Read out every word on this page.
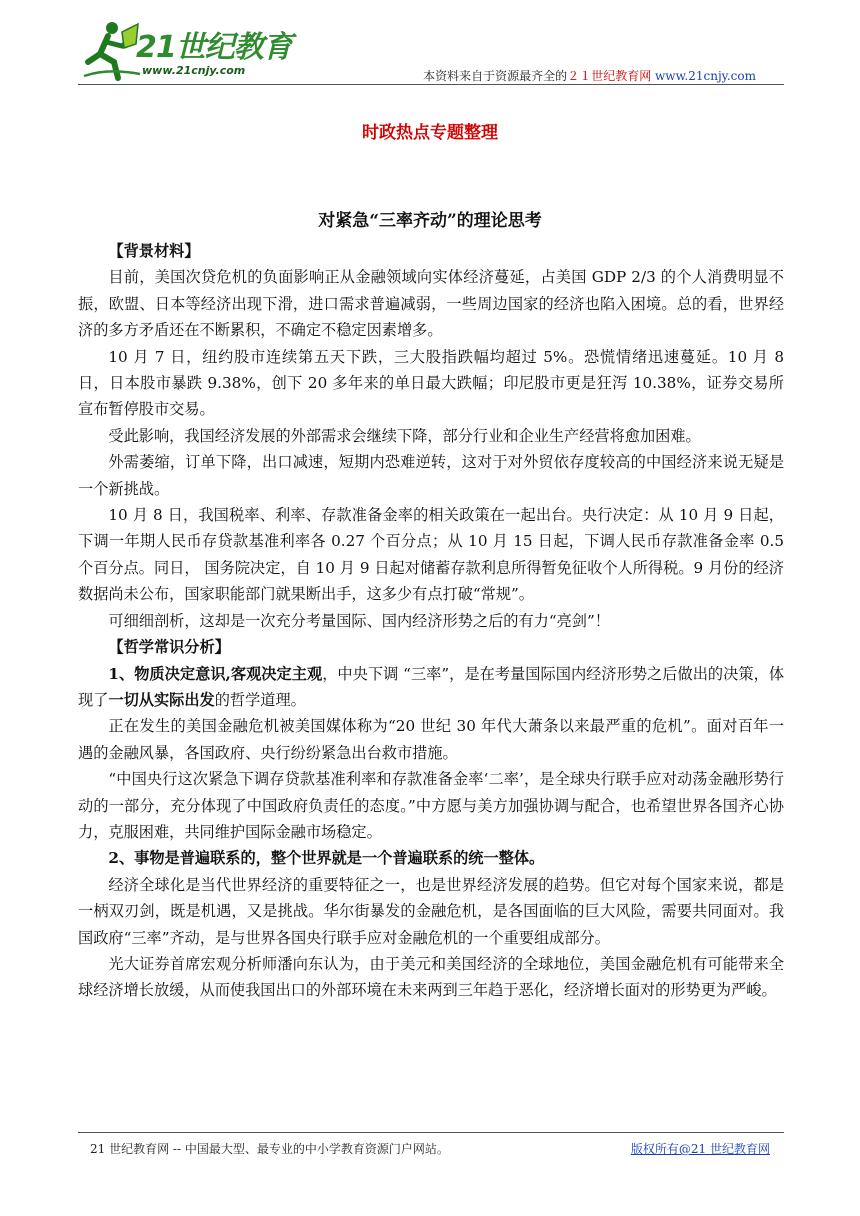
21世纪教育
www.21cnjy.com	本资料来自于资源最齐全的２１世纪教育网 www.21cnjy.com
时政热点专题整理
对紧急“三率齐动”的理论思考
【背景材料】

目前，美国次贷危机的负面影响正从金融领域向实体经济蔓延，占美国 GDP 2/3 的个人消费明显不振，欧盟、日本等经济出现下滑，进口需求普遍减弱，一些周边国家的经济也陷入困境。总的看，世界经济的多方矛盾还在不断累积，不确定不稳定因素增多。

10 月 7 日，纽约股市连续第五天下跌，三大股指跌幅均超过 5%。恐慌情绪迅速蔓延。10 月 8 日，日本股市暴跌 9.38%，创下 20 多年来的单日最大跌幅；印尼股市更是狂泻 10.38%，证券交易所宣布暂停股市交易。

受此影响，我国经济发展的外部需求会继续下降，部分行业和企业生产经营将愈加困难。

外需萎缩，订单下降，出口减速，短期内恐难逆转，这对于对外贸依存度较高的中国经济来说无疑是一个新挑战。

10 月 8 日，我国税率、利率、存款准备金率的相关政策在一起出台。央行决定：从 10 月 9 日起，下调一年期人民币存贷款基准利率各 0.27 个百分点；从 10 月 15 日起，下调人民币存款准备金率 0.5 个百分点。同日， 国务院决定，自 10 月 9 日起对储蓄存款利息所得暂免征收个人所得税。9 月份的经济数据尚未公布，国家职能部门就果断出手，这多少有点打破“常规”。

可细细剖析，这却是一次充分考量国际、国内经济形势之后的有力“亮剑”！

【哲学常识分析】

1、物质决定意识,客观决定主观，中央下调 “三率”，是在考量国际国内经济形势之后做出的决策，体现了一切从实际出发的哲学道理。

正在发生的美国金融危机被美国媒体称为“20 世纪 30 年代大萧条以来最严重的危机”。面对百年一遇的金融风暴，各国政府、央行纷纷紧急出台救市措施。

“中国央行这次紧急下调存贷款基准利率和存款准备金率‘二率’，是全球央行联手应对动荡金融形势行动的一部分，充分体现了中国政府负责任的态度。”中方愿与美方加强协调与配合，也希望世界各国齐心协力，克服困难，共同维护国际金融市场稳定。

2、事物是普遍联系的，整个世界就是一个普遍联系的统一整体。

经济全球化是当代世界经济的重要特征之一，也是世界经济发展的趋势。但它对每个国家来说，都是一柄双刃剑，既是机遇，又是挑战。华尔街暴发的金融危机，是各国面临的巨大风险，需要共同面对。我国政府“三率”齐动，是与世界各国央行联手应对金融危机的一个重要组成部分。

光大证券首席宏观分析师潘向东认为，由于美元和美国经济的全球地位，美国金融危机有可能带来全球经济增长放缓，从而使我国出口的外部环境在未来两到三年趋于恶化，经济增长面对的形势更为严峻。

21 世纪教育网 -- 中国最大型、最专业的中小学教育资源门户网站。	版权所有@21 世纪教育网
